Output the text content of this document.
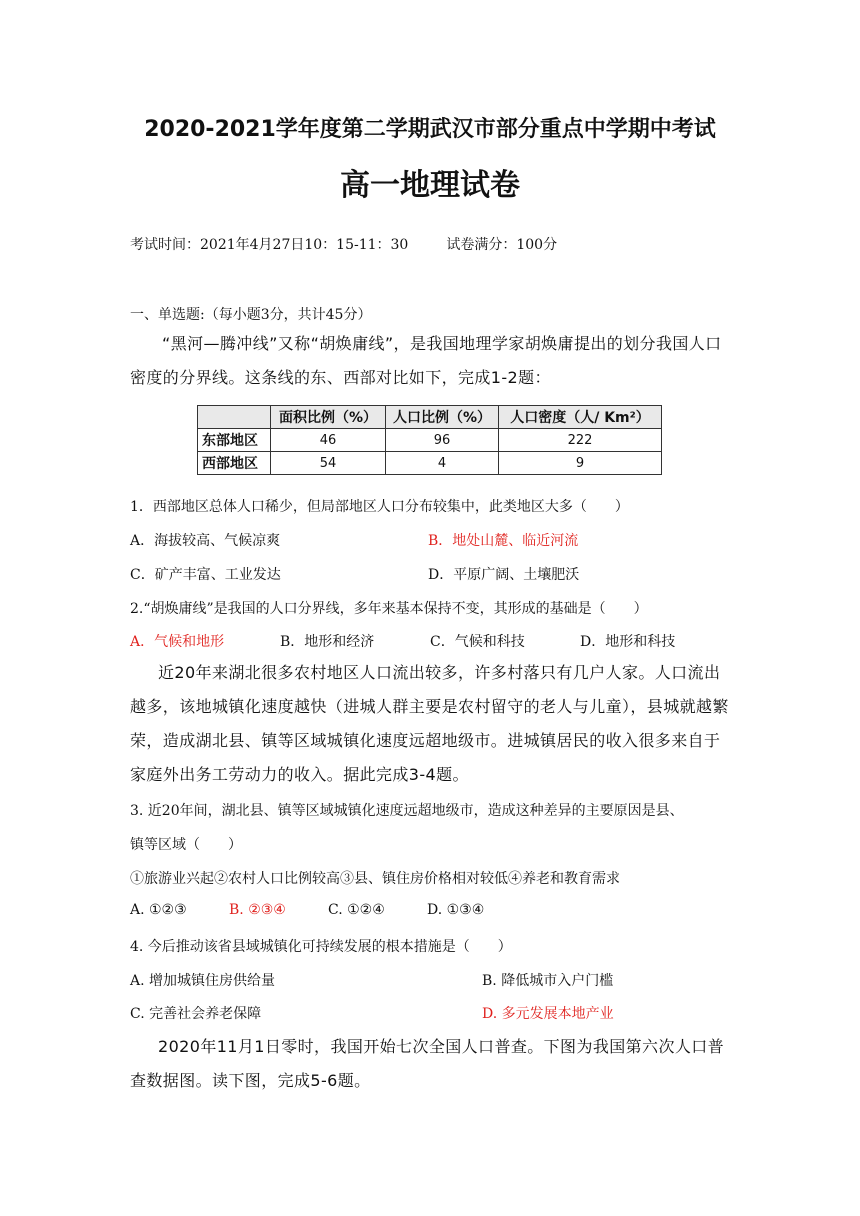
2020-2021学年度第二学期武汉市部分重点中学期中考试
高一地理试卷
考试时间：2021年4月27日10：15-11：30	试卷满分：100分
一、单选题:（每小题3分，共计45分）
“黑河—腾冲线”又称“胡焕庸线”，是我国地理学家胡焕庸提出的划分我国人口密度的分界线。这条线的东、西部对比如下，完成1-2题：
	面积比例（%）	人口比例（%）	人口密度（人/ Km²）
东部地区	46	96	222
西部地区	54	4	9
1．西部地区总体人口稀少，但局部地区人口分布较集中，此类地区大多（　　）
A．海拔较高、气候凉爽	B．地处山麓、临近河流
C．矿产丰富、工业发达	D．平原广阔、土壤肥沃
2.“胡焕庸线”是我国的人口分界线，多年来基本保持不变，其形成的基础是（　　）
A．气候和地形	B．地形和经济	C．气候和科技	D．地形和科技
近20年来湖北很多农村地区人口流出较多，许多村落只有几户人家。人口流出越多，该地城镇化速度越快（进城人群主要是农村留守的老人与儿童），县城就越繁荣，造成湖北县、镇等区域城镇化速度远超地级市。进城镇居民的收入很多来自于家庭外出务工劳动力的收入。据此完成3-4题。
3. 近20年间，湖北县、镇等区域城镇化速度远超地级市，造成这种差异的主要原因是县、
镇等区域（　　）
①旅游业兴起②农村人口比例较高③县、镇住房价格相对较低④养老和教育需求
A. ①②③	B. ②③④	C. ①②④	D. ①③④
4. 今后推动该省县域城镇化可持续发展的根本措施是（　　）
A. 增加城镇住房供给量	B. 降低城市入户门槛
C. 完善社会养老保障	D. 多元发展本地产业
2020年11月1日零时，我国开始七次全国人口普查。下图为我国第六次人口普查数据图。读下图，完成5-6题。
